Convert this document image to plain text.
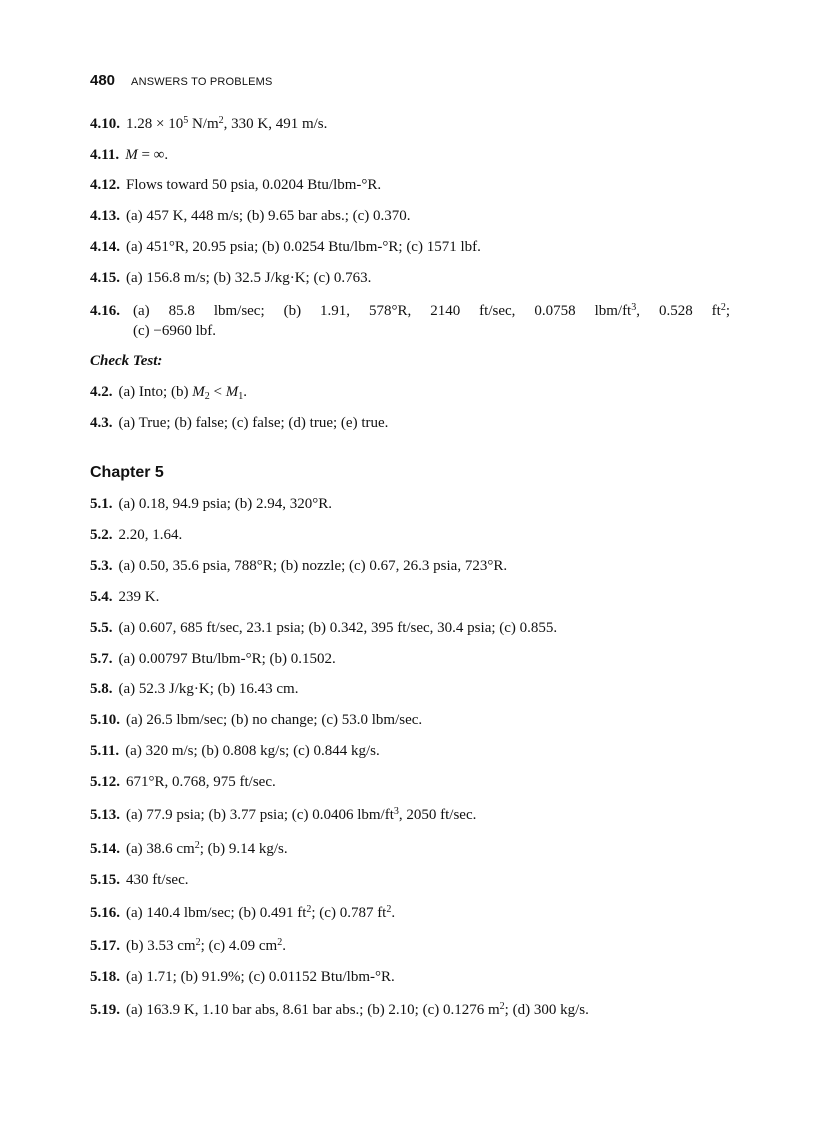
480 ANSWERS TO PROBLEMS
4.10. $1.28 \times 10^5$ $N/m^2$, 330 K, 491 m/s.
4.11. M = ∞.
4.12. Flows toward 50 psia, 0.0204 Btu/lbm-°R.
4.13. (a) 457 K, 448 m/s; (b) 9.65 bar abs.; (c) 0.370.
4.14. (a) 451°R, 20.95 psia; (b) 0.0254 Btu/lbm-°R; (c) 1571 lbf.
4.15. (a) 156.8 m/s; (b) 32.5 J/kg·K; (c) 0.763.
4.16. (a) 85.8 lbm/sec; (b) 1.91, 578°R, 2140 ft/sec, 0.0758 lbm/$ft^3$, 0.528 $ft^2$;
(c) −6960 lbf.
Check Test:
4.2. (a) Into; (b) $M_2 < M_1$.
4.3. (a) True; (b) false; (c) false; (d) true; (e) true.
Chapter 5
5.1. (a) 0.18, 94.9 psia; (b) 2.94, 320°R.
5.2. 2.20, 1.64.
5.3. (a) 0.50, 35.6 psia, 788°R; (b) nozzle; (c) 0.67, 26.3 psia, 723°R.
5.4. 239 K.
5.5. (a) 0.607, 685 ft/sec, 23.1 psia; (b) 0.342, 395 ft/sec, 30.4 psia; (c) 0.855.
5.7. (a) 0.00797 Btu/lbm-°R; (b) 0.1502.
5.8. (a) 52.3 J/kg·K; (b) 16.43 cm.
5.10. (a) 26.5 lbm/sec; (b) no change; (c) 53.0 lbm/sec.
5.11. (a) 320 m/s; (b) 0.808 kg/s; (c) 0.844 kg/s.
5.12. 671°R, 0.768, 975 ft/sec.
5.13. (a) 77.9 psia; (b) 3.77 psia; (c) 0.0406 lbm/$ft^3$, 2050 ft/sec.
5.14. (a) 38.6 $cm^2$; (b) 9.14 kg/s.
5.15. 430 ft/sec.
5.16. (a) 140.4 lbm/sec; (b) 0.491 $ft^2$; (c) 0.787 $ft^2$.
5.17. (b) 3.53 $cm^2$; (c) 4.09 $cm^2$.
5.18. (a) 1.71; (b) 91.9%; (c) 0.01152 Btu/lbm-°R.
5.19. (a) 163.9 K, 1.10 bar abs, 8.61 bar abs.; (b) 2.10; (c) 0.1276 $m^2$; (d) 300 kg/s.
